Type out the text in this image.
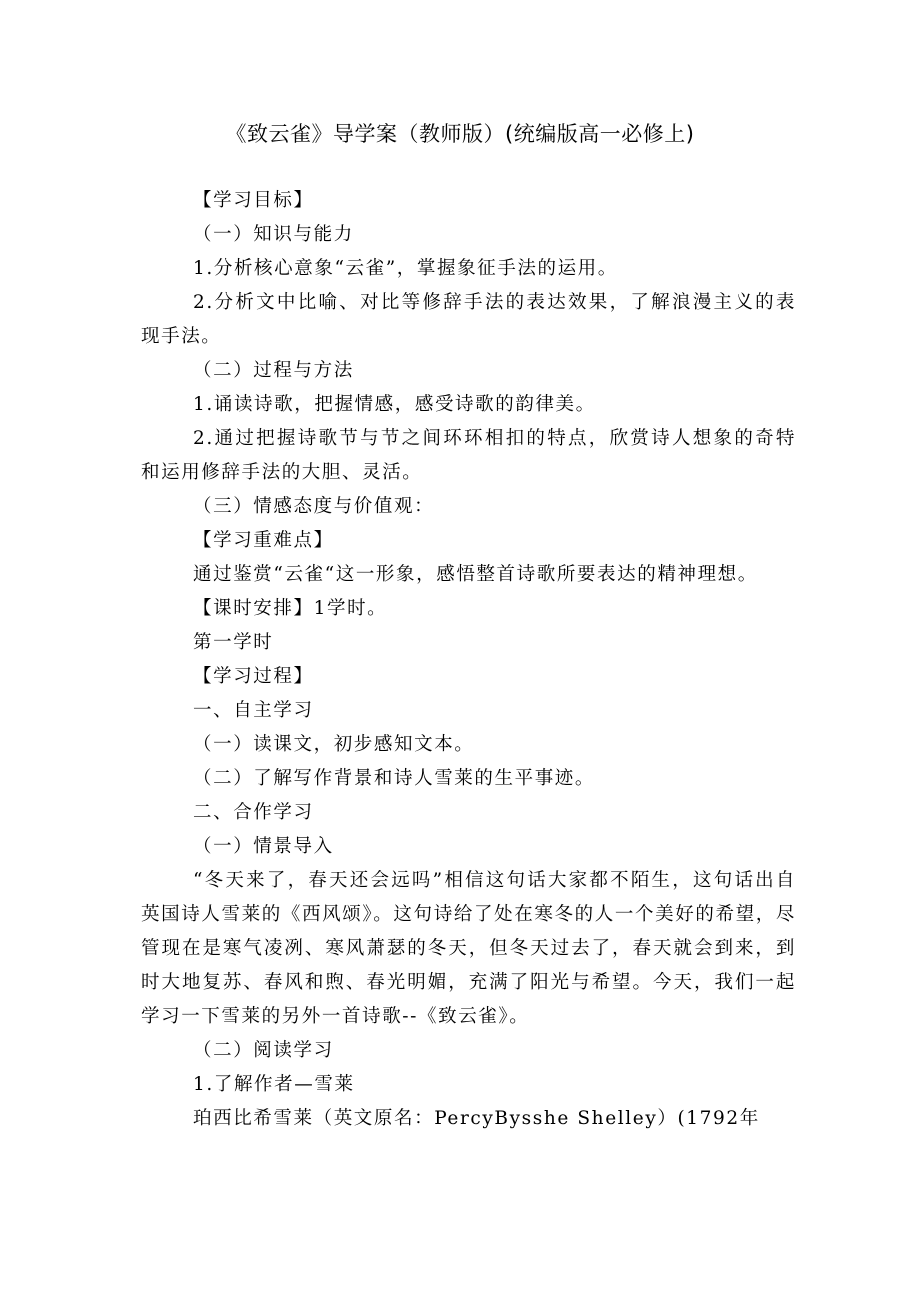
《致云雀》导学案（教师版）(统编版高一必修上)

【学习目标】

（一）知识与能力

1.分析核心意象“云雀”，掌握象征手法的运用。

2.分析文中比喻、对比等修辞手法的表达效果，了解浪漫主义的表现手法。

（二）过程与方法

1.诵读诗歌，把握情感，感受诗歌的韵律美。

2.通过把握诗歌节与节之间环环相扣的特点，欣赏诗人想象的奇特和运用修辞手法的大胆、灵活。

（三）情感态度与价值观：

【学习重难点】

通过鉴赏“云雀“这一形象，感悟整首诗歌所要表达的精神理想。

【课时安排】1学时。

第一学时

【学习过程】

一、自主学习

（一）读课文，初步感知文本。

（二）了解写作背景和诗人雪莱的生平事迹。

二、合作学习

（一）情景导入

“冬天来了，春天还会远吗”相信这句话大家都不陌生，这句话出自英国诗人雪莱的《西风颂》。这句诗给了处在寒冬的人一个美好的希望，尽管现在是寒气凌冽、寒风萧瑟的冬天，但冬天过去了，春天就会到来，到时大地复苏、春风和煦、春光明媚，充满了阳光与希望。今天，我们一起学习一下雪莱的另外一首诗歌--《致云雀》。

（二）阅读学习

1.了解作者—雪莱

珀西比希雪莱（英文原名：PercyBysshe Shelley）(1792年
